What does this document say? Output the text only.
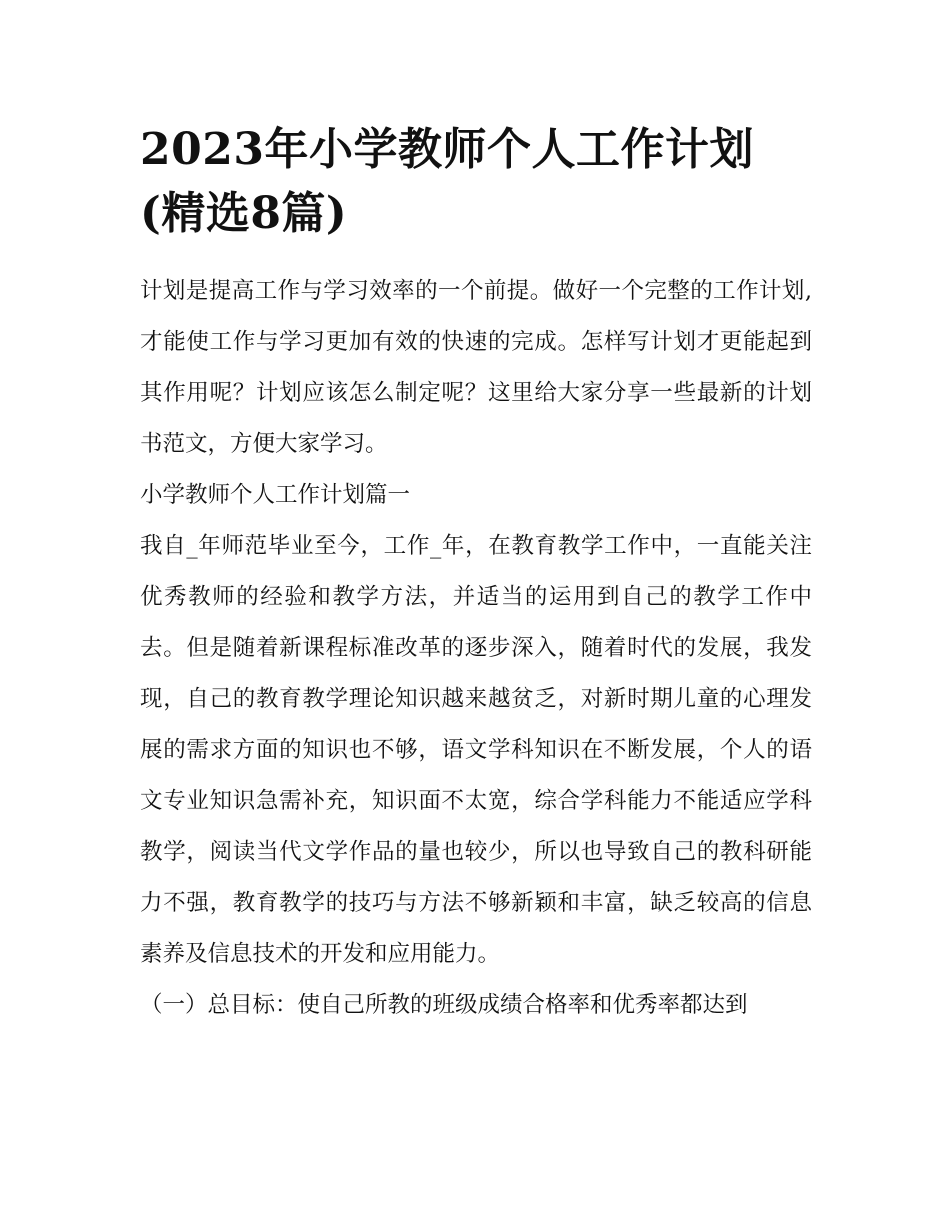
2023年小学教师个人工作计划(精选8篇)

计划是提高工作与学习效率的一个前提。做好一个完整的工作计划,才能使工作与学习更加有效的快速的完成。怎样写计划才更能起到其作用呢？计划应该怎么制定呢？这里给大家分享一些最新的计划书范文，方便大家学习。

小学教师个人工作计划篇一

我自_年师范毕业至今，工作_年，在教育教学工作中，一直能关注优秀教师的经验和教学方法，并适当的运用到自己的教学工作中去。但是随着新课程标准改革的逐步深入，随着时代的发展，我发现，自己的教育教学理论知识越来越贫乏，对新时期儿童的心理发展的需求方面的知识也不够，语文学科知识在不断发展，个人的语文专业知识急需补充，知识面不太宽，综合学科能力不能适应学科教学，阅读当代文学作品的量也较少，所以也导致自己的教科研能力不强，教育教学的技巧与方法不够新颖和丰富，缺乏较高的信息素养及信息技术的开发和应用能力。

（一）总目标：使自己所教的班级成绩合格率和优秀率都达到
